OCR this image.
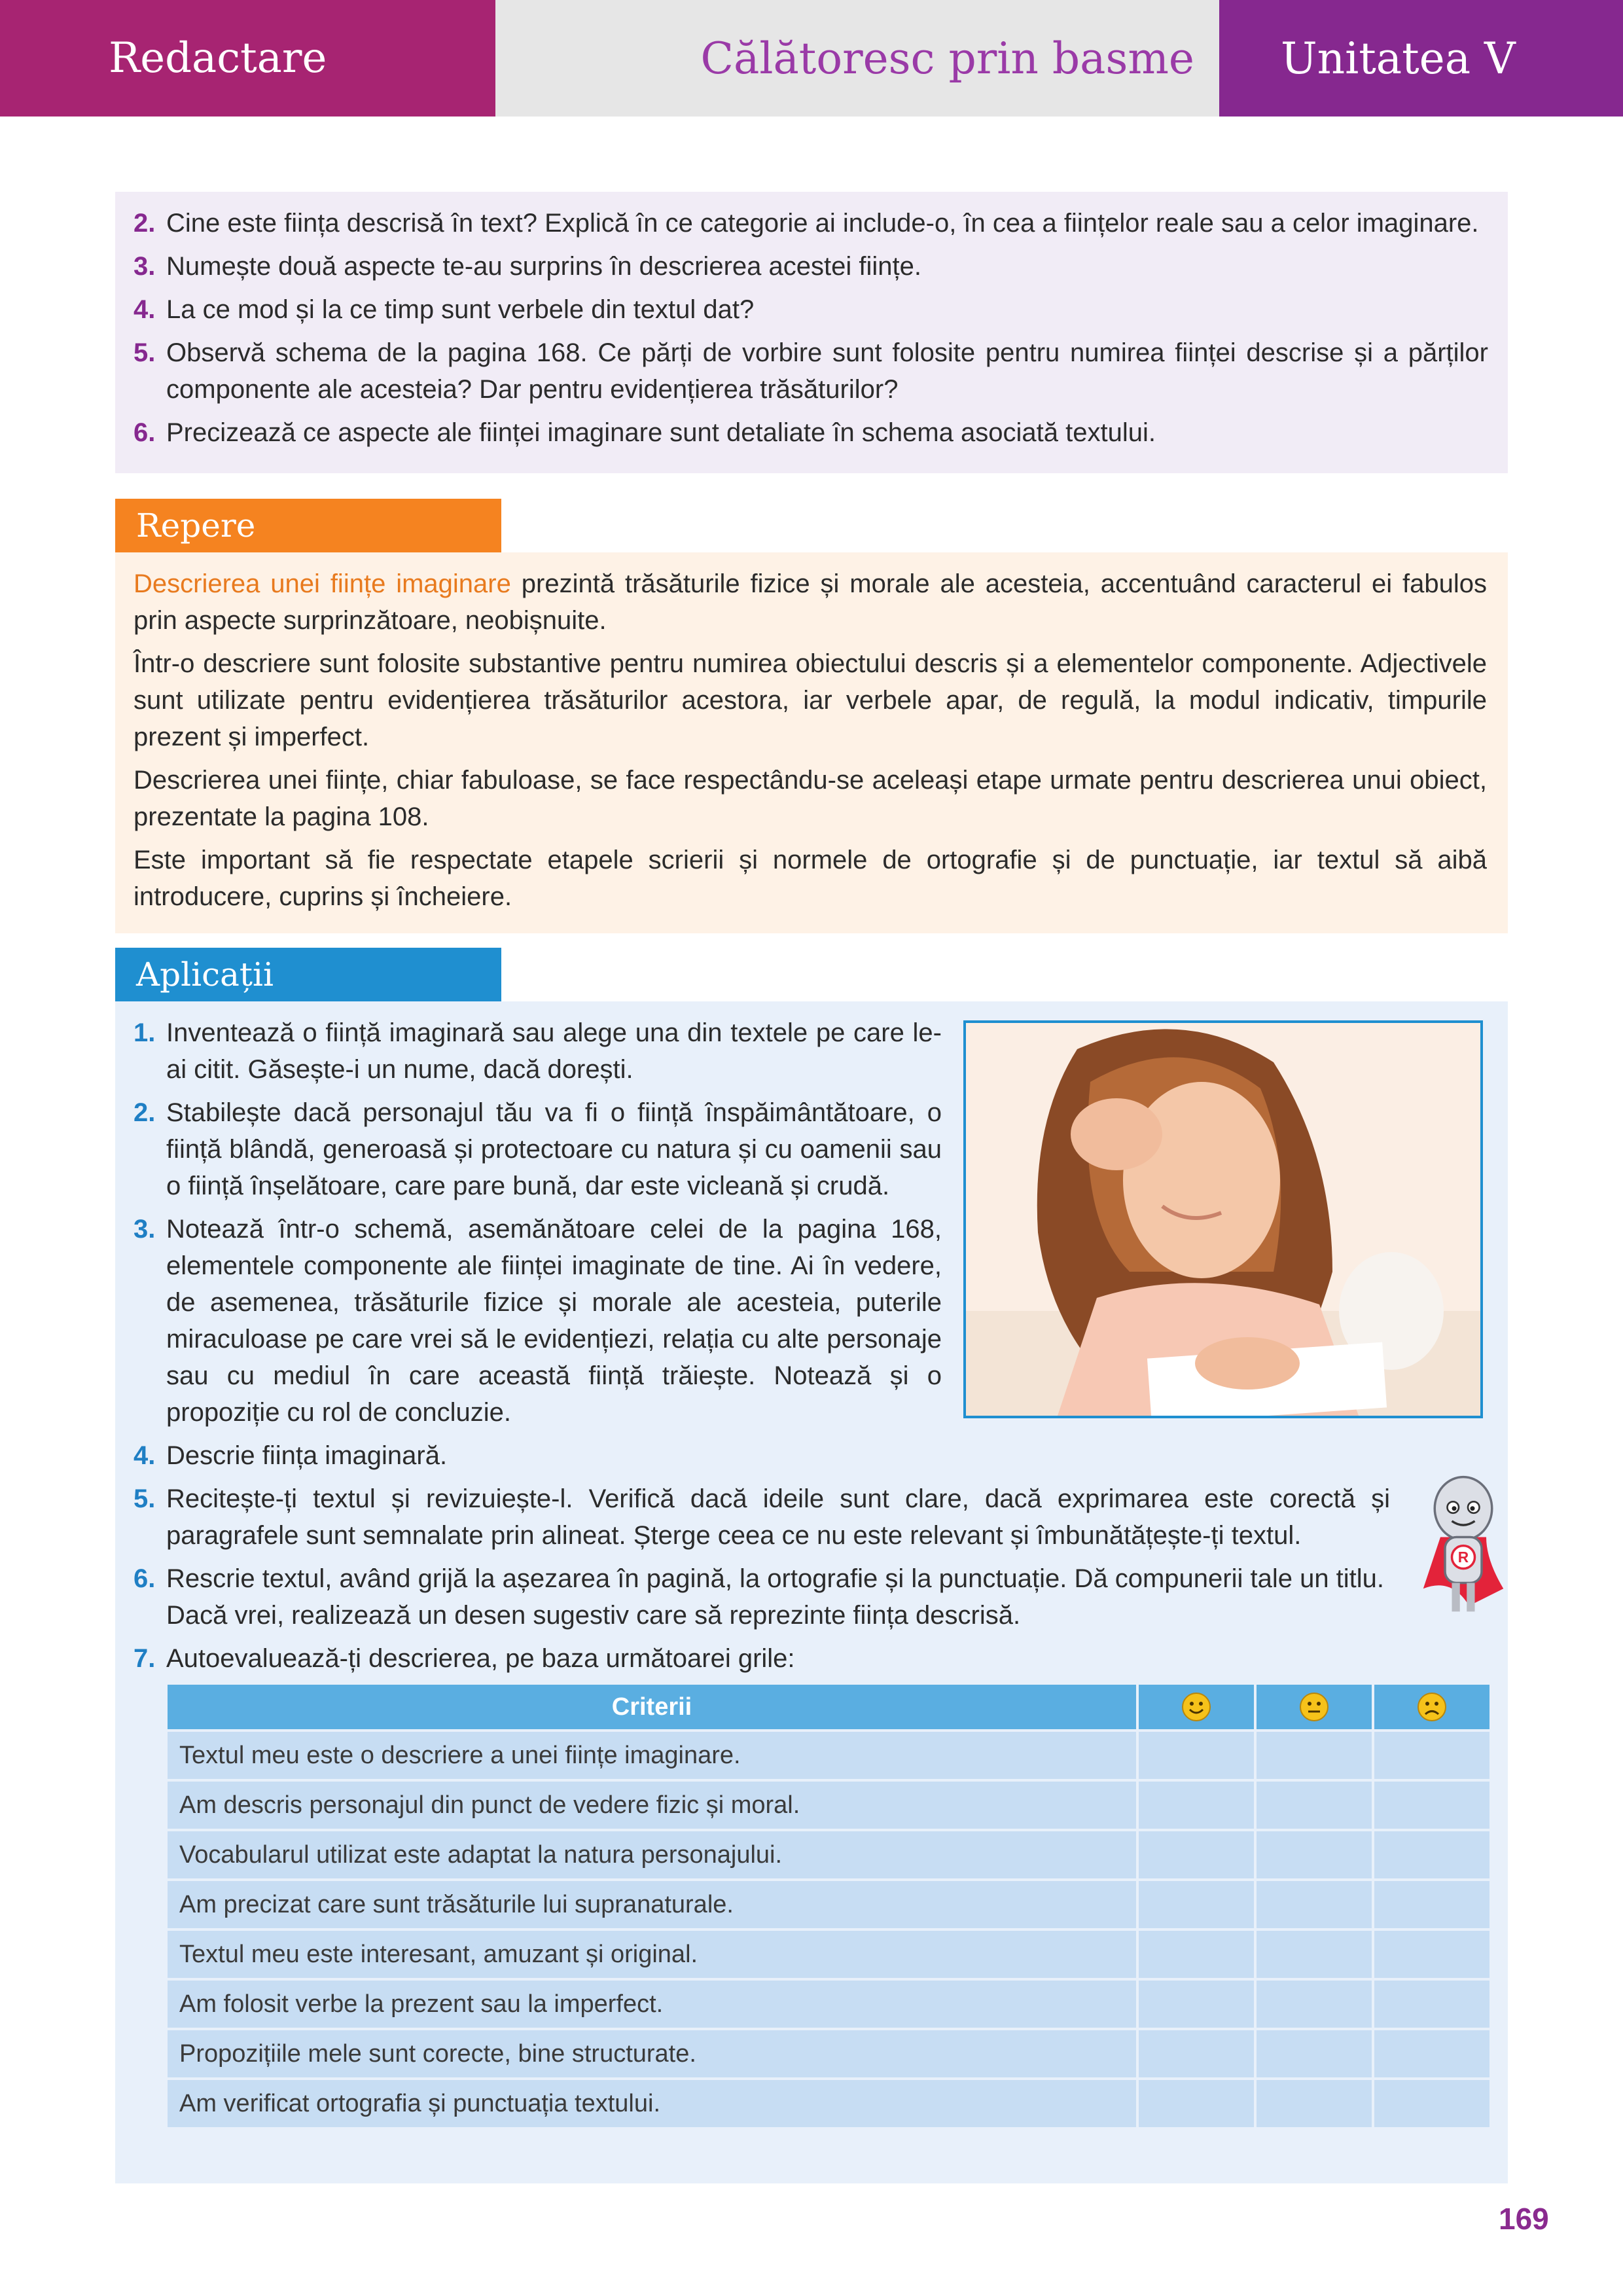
Redactare	Călătoresc prin basme	Unitatea V
2. Cine este ființa descrisă în text? Explică în ce categorie ai include-o, în cea a ființelor reale sau a celor imaginare.
3. Numește două aspecte te-au surprins în descrierea acestei ființe.
4. La ce mod și la ce timp sunt verbele din textul dat?
5. Observă schema de la pagina 168. Ce părți de vorbire sunt folosite pentru numirea ființei descrise și a părților componente ale acesteia? Dar pentru evidențierea trăsăturilor?
6. Precizează ce aspecte ale ființei imaginare sunt detaliate în schema asociată textului.
Repere
Descrierea unei ființe imaginare prezintă trăsăturile fizice și morale ale acesteia, accentuând caracterul ei fabulos prin aspecte surprinzătoare, neobișnuite.
Într-o descriere sunt folosite substantive pentru numirea obiectului descris și a elementelor componente. Adjectivele sunt utilizate pentru evidențierea trăsăturilor acestora, iar verbele apar, de regulă, la modul indicativ, timpurile prezent și imperfect.
Descrierea unei ființe, chiar fabuloase, se face respectându-se aceleași etape urmate pentru descrierea unui obiect, prezentate la pagina 108.
Este important să fie respectate etapele scrierii și normele de ortografie și de punctuație, iar textul să aibă introducere, cuprins și încheiere.
Aplicații
1. Inventează o ființă imaginară sau alege una din textele pe care le-ai citit. Găsește-i un nume, dacă dorești.
2. Stabilește dacă personajul tău va fi o ființă înspăimântătoare, o ființă blândă, generoasă și protectoare cu natura și cu oamenii sau o ființă înșelătoare, care pare bună, dar este vicleană și crudă.
3. Notează într-o schemă, asemănătoare celei de la pagina 168, elementele componente ale ființei imaginate de tine. Ai în vedere, de asemenea, trăsăturile fizice și morale ale acesteia, puterile miraculoase pe care vrei să le evidențiezi, relația cu alte personaje sau cu mediul în care această ființă trăiește. Notează și o propoziție cu rol de concluzie.
4. Descrie ființa imaginară.
5. Recitește-ți textul și revizuiește-l. Verifică dacă ideile sunt clare, dacă exprimarea este corectă și paragrafele sunt semnalate prin alineat. Șterge ceea ce nu este relevant și îmbunătățește-ți textul.
6. Rescrie textul, având grijă la așezarea în pagină, la ortografie și la punctuație. Dă compunerii tale un titlu. Dacă vrei, realizează un desen sugestiv care să reprezinte ființa descrisă.
7. Autoevaluează-ți descrierea, pe baza următoarei grile:
R
Criterii			
Textul meu este o descriere a unei ființe imaginare.			
Am descris personajul din punct de vedere fizic și moral.			
Vocabularul utilizat este adaptat la natura personajului.			
Am precizat care sunt trăsăturile lui supranaturale.			
Textul meu este interesant, amuzant și original.			
Am folosit verbe la prezent sau la imperfect.			
Propozițiile mele sunt corecte, bine structurate.			
Am verificat ortografia și punctuația textului.			
169
